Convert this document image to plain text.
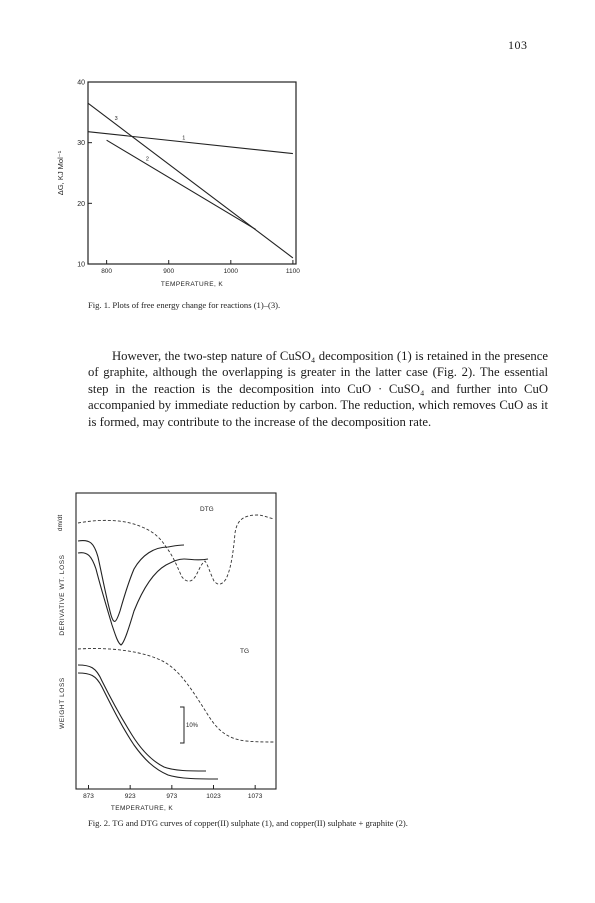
103
ΔG, KJ Mol⁻¹
TEMPERATURE, K
10
20
30
40
800	900	1000	1100
1
2
3
Fig. 1. Plots of free energy change for reactions (1)–(3).

However, the two-step nature of CuSO₄ decomposition (1) is retained in the presence of graphite, although the overlapping is greater in the latter case (Fig. 2). The essential step in the reaction is the decomposition into CuO · CuSO₄ and further into CuO accompanied by immediate reduction by carbon. The reduction, which removes CuO as it is formed, may contribute to the increase of the decomposition rate.

dm/dt
DERIVATIVE WT. LOSS
WEIGHT LOSS
DTG
TG
10%
TEMPERATURE, K
873	923	973	1023	1073
Fig. 2. TG and DTG curves of copper(II) sulphate (1), and copper(II) sulphate + graphite (2).
